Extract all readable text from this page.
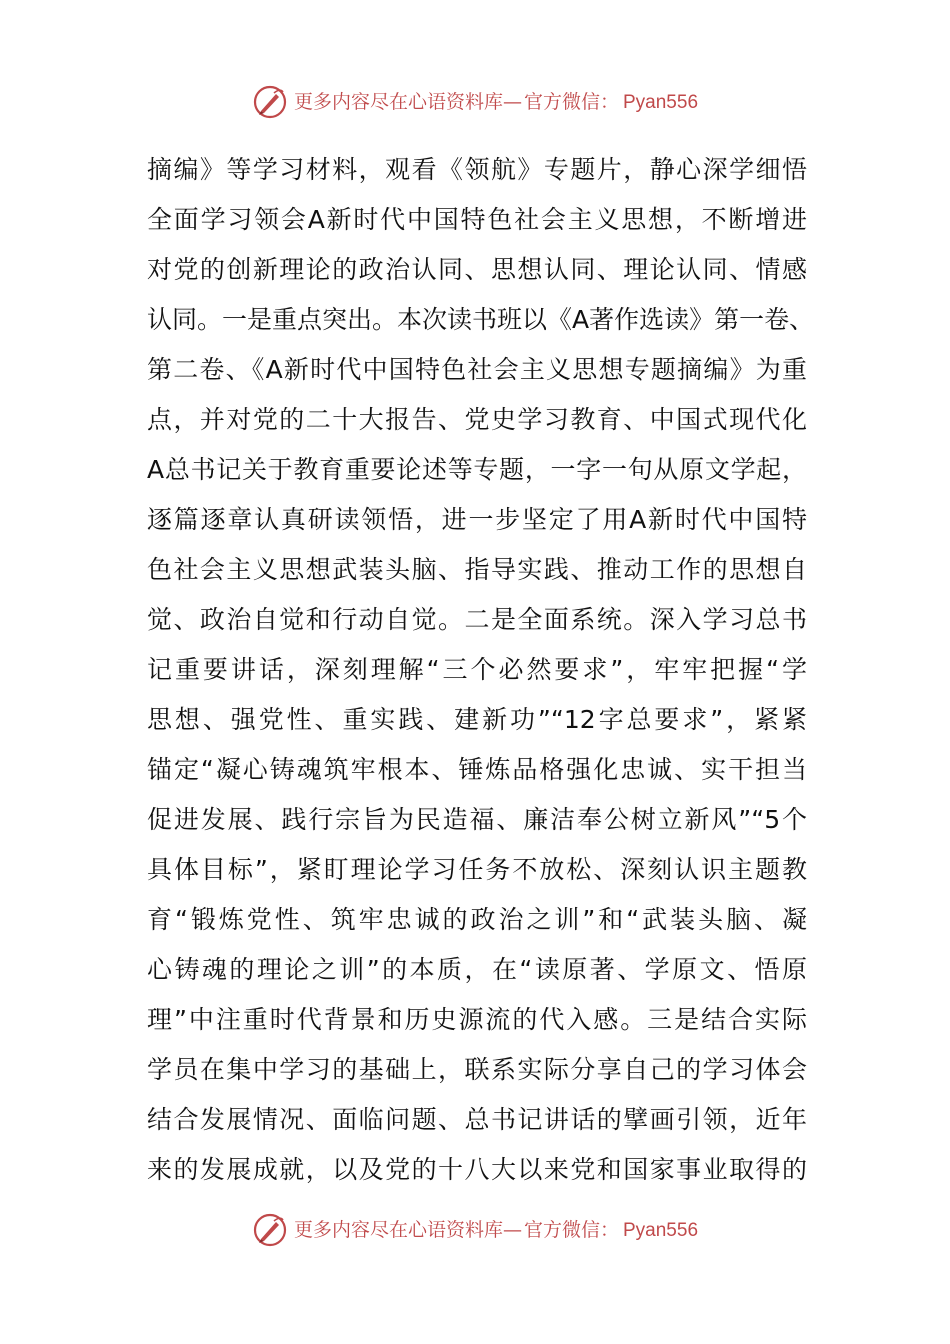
更多内容尽在心语资料库 — 官方微信： Pyan556
摘编》等学习材料，观看《领航》专题片，静心深学细悟
全面学习领会A新时代中国特色社会主义思想，不断增进
对党的创新理论的政治认同、思想认同、理论认同、情感
认同。一是重点突出。本次读书班以《A著作选读》第一卷、
第二卷、《A新时代中国特色社会主义思想专题摘编》为重
点，并对党的二十大报告、党史学习教育、中国式现代化
A总书记关于教育重要论述等专题，一字一句从原文学起，
逐篇逐章认真研读领悟，进一步坚定了用A新时代中国特
色社会主义思想武装头脑、指导实践、推动工作的思想自
觉、政治自觉和行动自觉。二是全面系统。深入学习总书
记重要讲话，深刻理解“三个必然要求”，牢牢把握“学
思想、强党性、重实践、建新功”“12字总要求”，紧紧
锚定“凝心铸魂筑牢根本、锤炼品格强化忠诚、实干担当
促进发展、践行宗旨为民造福、廉洁奉公树立新风”“5个
具体目标”，紧盯理论学习任务不放松、深刻认识主题教
育“锻炼党性、筑牢忠诚的政治之训”和“武装头脑、凝
心铸魂的理论之训”的本质，在“读原著、学原文、悟原
理”中注重时代背景和历史源流的代入感。三是结合实际
学员在集中学习的基础上，联系实际分享自己的学习体会
结合发展情况、面临问题、总书记讲话的擘画引领，近年
来的发展成就，以及党的十八大以来党和国家事业取得的
更多内容尽在心语资料库 — 官方微信： Pyan556
